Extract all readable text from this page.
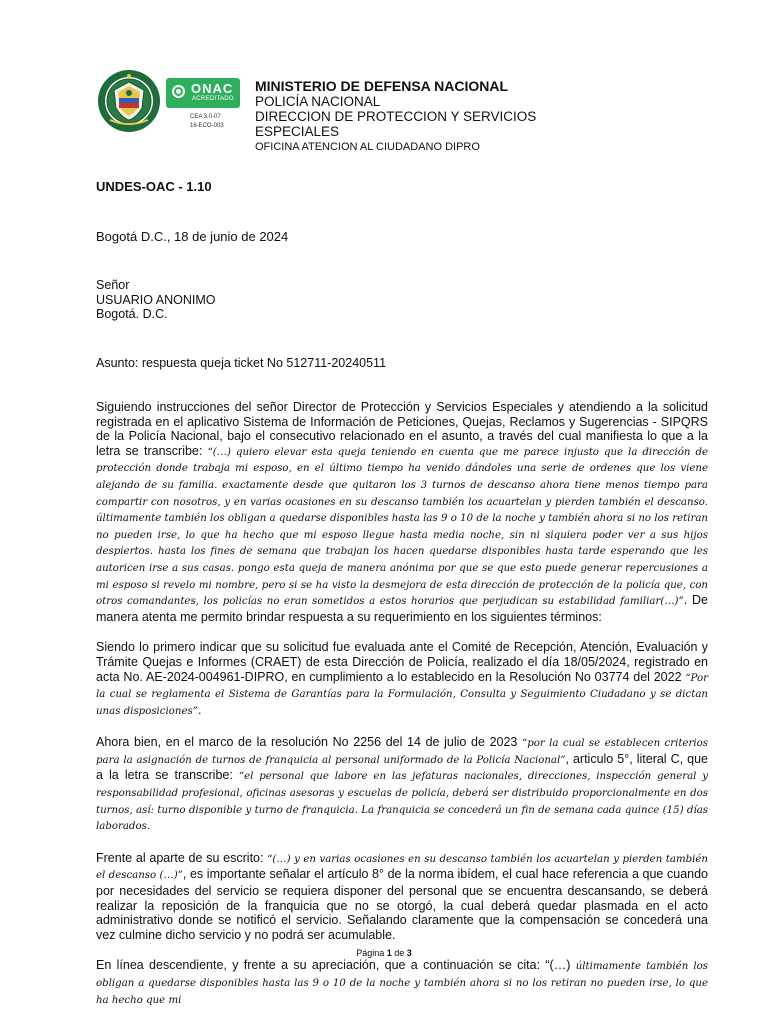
ONAC
ACREDITADO
CEA 3.0-07
16-ECO-003
MINISTERIO DE DEFENSA NACIONAL
POLICÍA NACIONAL
DIRECCION DE PROTECCION Y SERVICIOS ESPECIALES
OFICINA ATENCION AL CIUDADANO DIPRO
UNDES-OAC - 1.10
Bogotá D.C., 18 de junio de 2024
Señor
USUARIO ANONIMO
Bogotá. D.C.
Asunto: respuesta queja ticket No 512711-20240511

Siguiendo instrucciones del señor Director de Protección y Servicios Especiales y atendiendo a la solicitud registrada en el aplicativo Sistema de Información de Peticiones, Quejas, Reclamos y Sugerencias - SIPQRS de la Policía Nacional, bajo el consecutivo relacionado en el asunto, a través del cual manifiesta lo que a la letra se transcribe: “(…) quiero elevar esta queja teniendo en cuenta que me parece injusto que la dirección de protección donde trabaja mi esposo, en el último tiempo ha venido dándoles una serie de ordenes que los viene alejando de su familia. exactamente desde que quitaron los 3 turnos de descanso ahora tiene menos tiempo para compartir con nosotros, y en varias ocasiones en su descanso también los acuartelan y pierden también el descanso. últimamente también los obligan a quedarse disponibles hasta las 9 o 10 de la noche y también ahora si no los retiran no pueden irse, lo que ha hecho que mi esposo llegue hasta media noche, sin ni siquiera poder ver a sus hijos despiertos. hasta los fines de semana que trabajan los hacen quedarse disponibles hasta tarde esperando que les autoricen irse a sus casas. pongo esta queja de manera anónima por que se que esto puede generar repercusiones a mi esposo si revelo mi nombre, pero si se ha visto la desmejora de esta dirección de protección de la policía que, con otros comandantes, los policías no eran sometidos a estos horarios que perjudican su estabilidad familiar(…)”. De manera atenta me permito brindar respuesta a su requerimiento en los siguientes términos:

Siendo lo primero indicar que su solicitud fue evaluada ante el Comité de Recepción, Atención, Evaluación y Trámite Quejas e Informes (CRAET) de esta Dirección de Policía, realizado el día 18/05/2024, registrado en acta No. AE-2024-004961-DIPRO, en cumplimiento a lo establecido en la Resolución No 03774 del 2022 “Por la cual se reglamenta el Sistema de Garantías para la Formulación, Consulta y Seguimiento Ciudadano y se dictan unas disposiciones”.

Ahora bien, en el marco de la resolución No 2256 del 14 de julio de 2023 “por la cual se establecen criterios para la asignación de turnos de franquicia al personal uniformado de la Policía Nacional”, articulo 5°, literal C, que a la letra se transcribe: “el personal que labore en las jefaturas nacionales, direcciones, inspección general y responsabilidad profesional, oficinas asesoras y escuelas de policía, deberá ser distribuido proporcionalmente en dos turnos, así: turno disponible y turno de franquicia. La franquicia se concederá un fin de semana cada quince (15) días laborados.

Frente al aparte de su escrito: “(…) y en varias ocasiones en su descanso también los acuartelan y pierden también el descanso (…)”, es importante señalar el artículo 8° de la norma ibídem, el cual hace referencia a que cuando por necesidades del servicio se requiera disponer del personal que se encuentra descansando, se deberá realizar la reposición de la franquicia que no se otorgó, la cual deberá quedar plasmada en el acto administrativo donde se notificó el servicio. Señalando claramente que la compensación se concederá una vez culmine dicho servicio y no podrá ser acumulable.

En línea descendiente, y frente a su apreciación, que a continuación se cita: “(…) últimamente también los obligan a quedarse disponibles hasta las 9 o 10 de la noche y también ahora si no los retiran no pueden irse, lo que ha hecho que mi

Página 1 de 3
